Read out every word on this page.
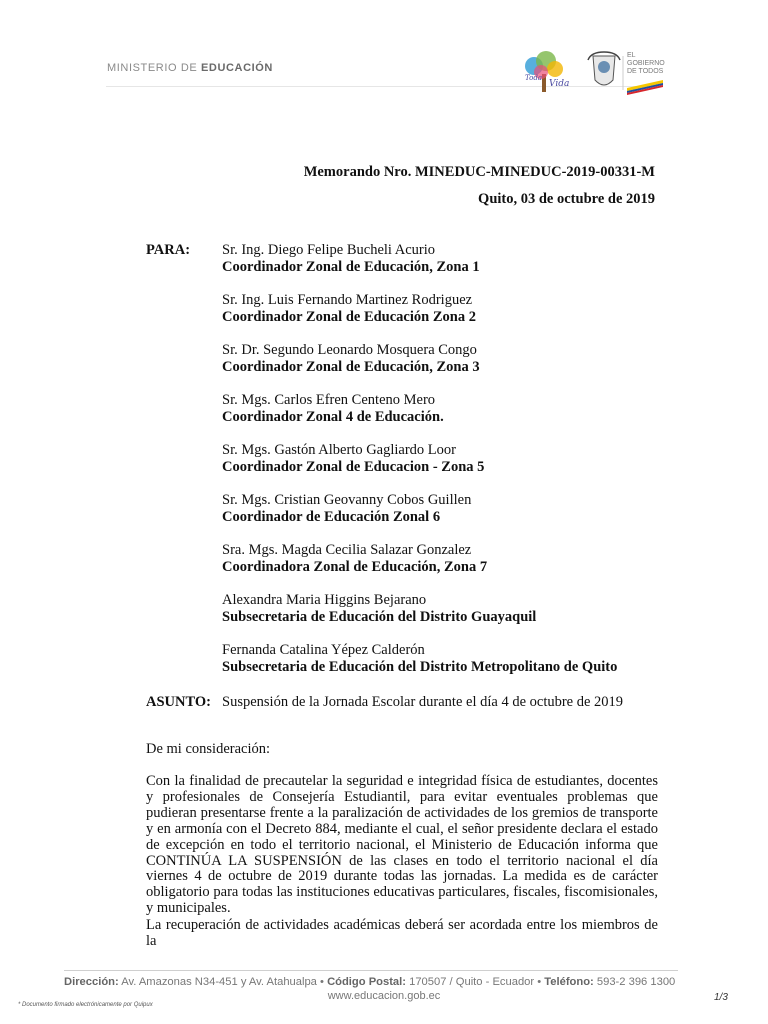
MINISTERIO DE EDUCACIÓN
Toda
Vida
EL
GOBIERNO
DE TODOS
Memorando Nro. MINEDUC-MINEDUC-2019-00331-M
Quito, 03 de octubre de 2019
PARA: Sr. Ing. Diego Felipe Bucheli Acurio
Coordinador Zonal de Educación, Zona 1
Sr. Ing. Luis Fernando Martinez Rodriguez
Coordinador Zonal de Educación Zona 2
Sr. Dr. Segundo Leonardo Mosquera Congo
Coordinador Zonal de Educación, Zona 3
Sr. Mgs. Carlos Efren Centeno Mero
Coordinador Zonal 4 de Educación.
Sr. Mgs. Gastón Alberto Gagliardo Loor
Coordinador Zonal de Educacion - Zona 5
Sr. Mgs. Cristian Geovanny Cobos Guillen
Coordinador de Educación Zonal 6
Sra. Mgs. Magda Cecilia Salazar Gonzalez
Coordinadora Zonal de Educación, Zona 7
Alexandra Maria Higgins Bejarano
Subsecretaria de Educación del Distrito Guayaquil
Fernanda Catalina Yépez Calderón
Subsecretaria de Educación del Distrito Metropolitano de Quito
ASUNTO: Suspensión de la Jornada Escolar durante el día 4 de octubre de 2019
De mi consideración:
Con la finalidad de precautelar la seguridad e integridad física de estudiantes, docentes y profesionales de Consejería Estudiantil, para evitar eventuales problemas que pudieran presentarse frente a la paralización de actividades de los gremios de transporte y en armonía con el Decreto 884, mediante el cual, el señor presidente declara el estado de excepción en todo el territorio nacional, el Ministerio de Educación informa que CONTINÚA LA SUSPENSIÓN de las clases en todo el territorio nacional el día viernes 4 de octubre de 2019 durante todas las jornadas. La medida es de carácter obligatorio para todas las instituciones educativas particulares, fiscales, fiscomisionales, y municipales.
La recuperación de actividades académicas deberá ser acordada entre los miembros de la
Dirección: Av. Amazonas N34-451 y Av. Atahualpa • Código Postal: 170507 / Quito - Ecuador • Teléfono: 593-2 396 1300
www.educacion.gob.ec
* Documento firmado electrónicamente por Quipux
1/3
